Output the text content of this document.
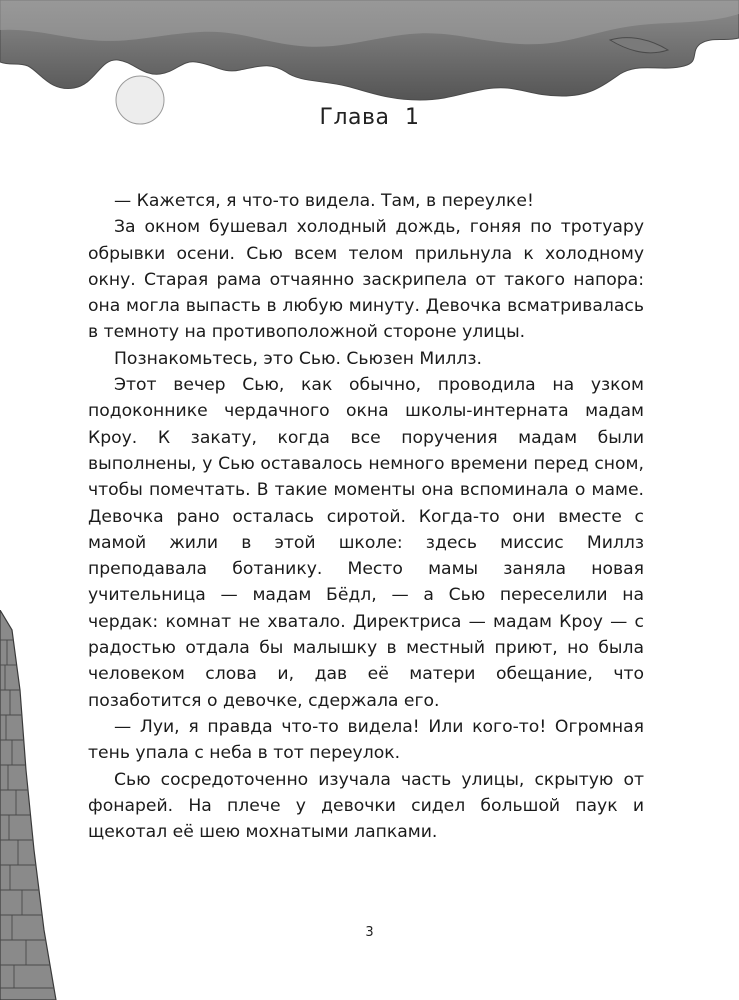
Глава 1

— Кажется, я что-то видела. Там, в переулке!

За окном бушевал холодный дождь, гоняя по тротуару обрывки осени. Сью всем телом прильнула к холодному окну. Старая рама отчаянно заскрипела от такого напора: она могла выпасть в любую минуту. Девочка всматривалась в темноту на противоположной стороне улицы.

Познакомьтесь, это Сью. Сьюзен Миллз.

Этот вечер Сью, как обычно, проводила на узком подоконнике чердачного окна школы-интерната мадам Кроу. К закату, когда все поручения мадам были выполнены, у Сью оставалось немного времени перед сном, чтобы помечтать. В такие моменты она вспоминала о маме. Девочка рано осталась сиротой. Когда-то они вместе с мамой жили в этой школе: здесь миссис Миллз преподавала ботанику. Место мамы заняла новая учительница — мадам Бёдл, — а Сью переселили на чердак: комнат не хватало. Директриса — мадам Кроу — с радостью отдала бы малышку в местный приют, но была человеком слова и, дав её матери обещание, что позаботится о девочке, сдержала его.

— Луи, я правда что-то видела! Или кого-то! Огромная тень упала с неба в тот переулок.

Сью сосредоточенно изучала часть улицы, скрытую от фонарей. На плече у девочки сидел большой паук и щекотал её шею мохнатыми лапками.

3
